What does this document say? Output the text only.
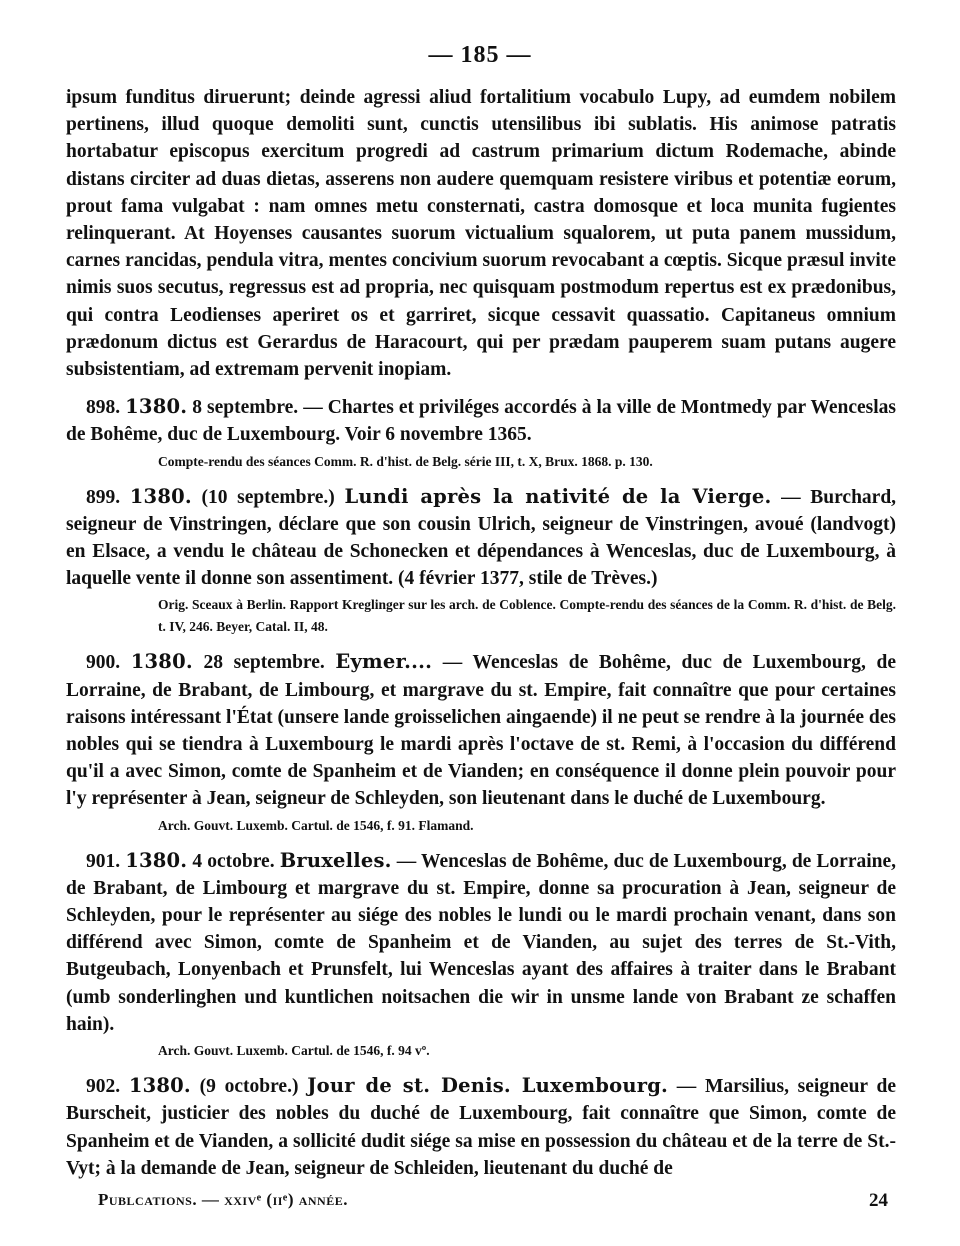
— 185 —

ipsum funditus diruerunt; deinde agressi aliud fortalitium vocabulo Lupy, ad eumdem nobilem pertinens, illud quoque demoliti sunt, cunctis utensilibus ibi sublatis. His animose patratis hortabatur episcopus exercitum progredi ad castrum primarium dictum Rodemache, abinde distans circiter ad duas dietas, asserens non audere quemquam resistere viribus et potentiæ eorum, prout fama vulgabat : nam omnes metu consternati, castra domosque et loca munita fugientes relinquerant. At Hoyenses causantes suorum victualium squalorem, ut puta panem mussidum, carnes rancidas, pendula vitra, mentes concivium suorum revocabant a cœptis. Sicque præsul invite nimis suos secutus, regressus est ad propria, nec quisquam postmodum repertus est ex prædonibus, qui contra Leodienses aperiret os et garriret, sicque cessavit quassatio. Capitaneus omnium prædonum dictus est Gerardus de Haracourt, qui per prædam pauperem suam putans augere subsistentiam, ad extremam pervenit inopiam.

898. 1380. 8 septembre. — Chartes et priviléges accordés à la ville de Montmedy par Wenceslas de Bohême, duc de Luxembourg. Voir 6 novembre 1365.

Compte-rendu des séances Comm. R. d'hist. de Belg. série III, t. X, Brux. 1868. p. 130.

899. 1380. (10 septembre.) Lundi après la nativité de la Vierge. — Burchard, seigneur de Vinstringen, déclare que son cousin Ulrich, seigneur de Vinstringen, avoué (landvogt) en Elsace, a vendu le château de Schonecken et dépendances à Wenceslas, duc de Luxembourg, à laquelle vente il donne son assentiment. (4 février 1377, stile de Trèves.)

Orig. Sceaux à Berlin. Rapport Kreglinger sur les arch. de Coblence. Compte-rendu des séances de la Comm. R. d'hist. de Belg. t. IV, 246. Beyer, Catal. II, 48.

900. 1380. 28 septembre. Eymer.... — Wenceslas de Bohême, duc de Luxembourg, de Lorraine, de Brabant, de Limbourg, et margrave du st. Empire, fait connaître que pour certaines raisons intéressant l'État (unsere lande groisselichen aingaende) il ne peut se rendre à la journée des nobles qui se tiendra à Luxembourg le mardi après l'octave de st. Remi, à l'occasion du différend qu'il a avec Simon, comte de Spanheim et de Vianden; en conséquence il donne plein pouvoir pour l'y représenter à Jean, seigneur de Schleyden, son lieutenant dans le duché de Luxembourg.

Arch. Gouvt. Luxemb. Cartul. de 1546, f. 91. Flamand.

901. 1380. 4 octobre. Bruxelles. — Wenceslas de Bohême, duc de Luxembourg, de Lorraine, de Brabant, de Limbourg et margrave du st. Empire, donne sa procuration à Jean, seigneur de Schleyden, pour le représenter au siége des nobles le lundi ou le mardi prochain venant, dans son différend avec Simon, comte de Spanheim et de Vianden, au sujet des terres de St.-Vith, Butgeubach, Lonyenbach et Prunsfelt, lui Wenceslas ayant des affaires à traiter dans le Brabant (umb sonderlinghen und kuntlichen noitsachen die wir in unsme lande von Brabant ze schaffen hain).

Arch. Gouvt. Luxemb. Cartul. de 1546, f. 94 vº.

902. 1380. (9 octobre.) Jour de st. Denis. Luxembourg. — Marsilius, seigneur de Burscheit, justicier des nobles du duché de Luxembourg, fait connaître que Simon, comte de Spanheim et de Vianden, a sollicité dudit siége sa mise en possession du château et de la terre de St.-Vyt; à la demande de Jean, seigneur de Schleiden, lieutenant du duché de

Publcations. — xxivᵉ (iiᵉ) année.	24
